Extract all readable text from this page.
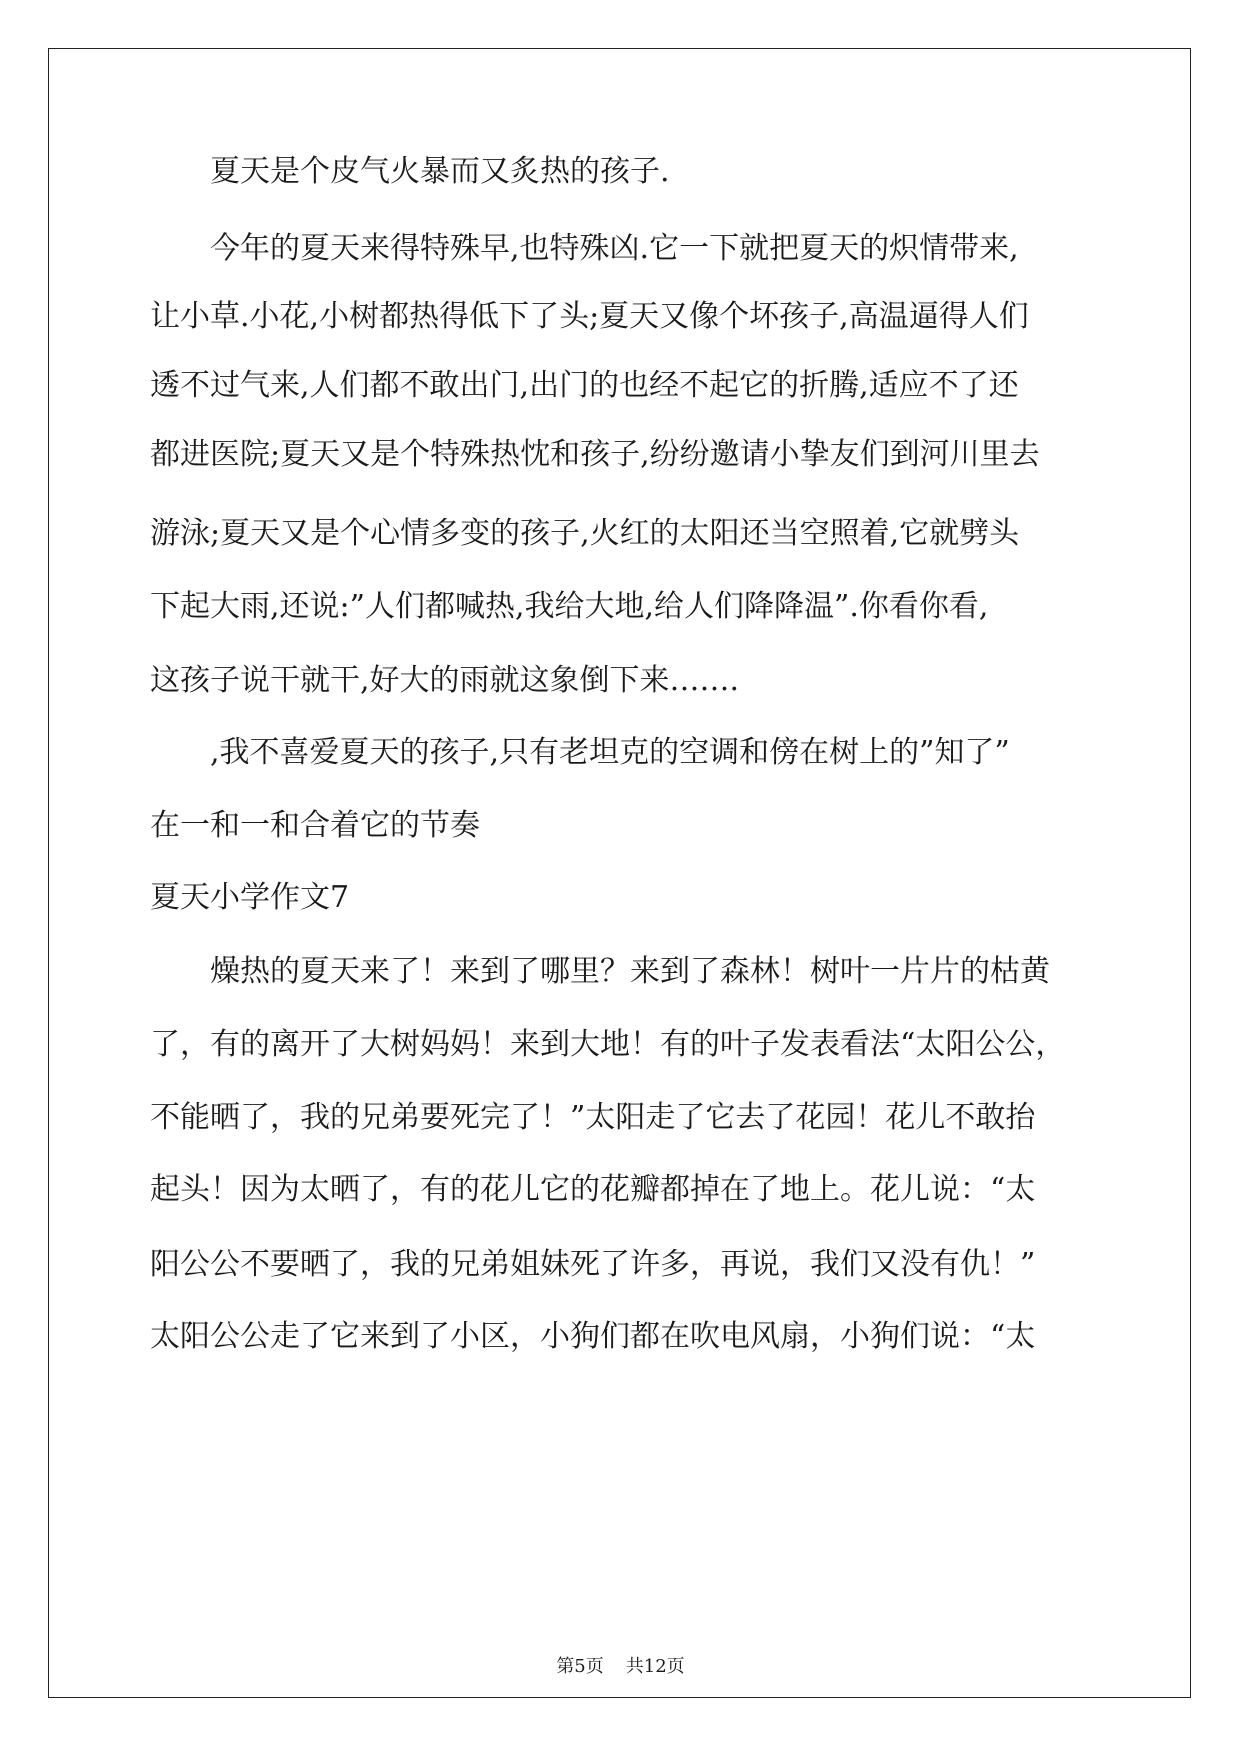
夏天是个皮气火暴而又炙热的孩子.
今年的夏天来得特殊早,也特殊凶.它一下就把夏天的炽情带来,
让小草.小花,小树都热得低下了头;夏天又像个坏孩子,高温逼得人们
透不过气来,人们都不敢出门,出门的也经不起它的折腾,适应不了还
都进医院;夏天又是个特殊热忱和孩子,纷纷邀请小挚友们到河川里去
游泳;夏天又是个心情多变的孩子,火红的太阳还当空照着,它就劈头
下起大雨,还说:”人们都喊热,我给大地,给人们降降温”.你看你看,
这孩子说干就干,好大的雨就这象倒下来…….
,我不喜爱夏天的孩子,只有老坦克的空调和傍在树上的”知了”
在一和一和合着它的节奏
夏天小学作文7
燥热的夏天来了！来到了哪里？来到了森林！树叶一片片的枯黄
了，有的离开了大树妈妈！来到大地！有的叶子发表看法“太阳公公，
不能晒了，我的兄弟要死完了！”太阳走了它去了花园！花儿不敢抬
起头！因为太晒了，有的花儿它的花瓣都掉在了地上。花儿说：“太
阳公公不要晒了，我的兄弟姐妹死了许多，再说，我们又没有仇！”
太阳公公走了它来到了小区，小狗们都在吹电风扇，小狗们说：“太
第5页 共12页
